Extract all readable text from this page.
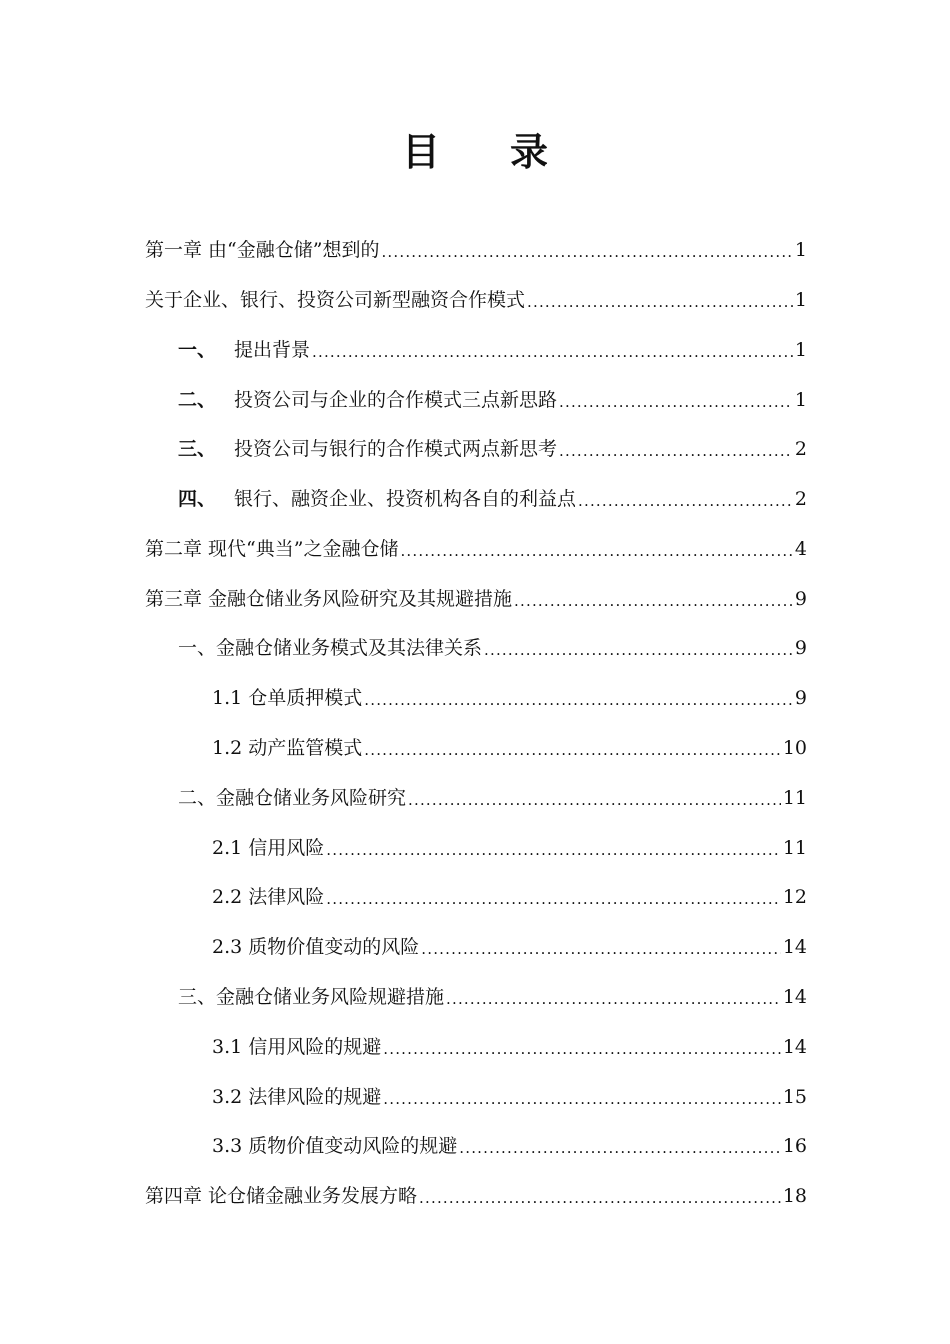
目 录
第一章 由“金融仓储”想到的 .....	1
关于企业、银行、投资公司新型融资合作模式 .....	1
一、 提出背景 .....	1
二、 投资公司与企业的合作模式三点新思路 .....	1
三、 投资公司与银行的合作模式两点新思考 .....	2
四、 银行、融资企业、投资机构各自的利益点 .....	2
第二章 现代“典当”之金融仓储 .....	4
第三章 金融仓储业务风险研究及其规避措施 .....	9
一、金融仓储业务模式及其法律关系 .....	9
1.1 仓单质押模式 .....	9
1.2 动产监管模式 .....	10
二、金融仓储业务风险研究 .....	11
2.1 信用风险 .....	11
2.2 法律风险 .....	12
2.3 质物价值变动的风险 .....	14
三、金融仓储业务风险规避措施 .....	14
3.1 信用风险的规避 .....	14
3.2 法律风险的规避 .....	15
3.3 质物价值变动风险的规避 .....	16
第四章 论仓储金融业务发展方略 .....	18
